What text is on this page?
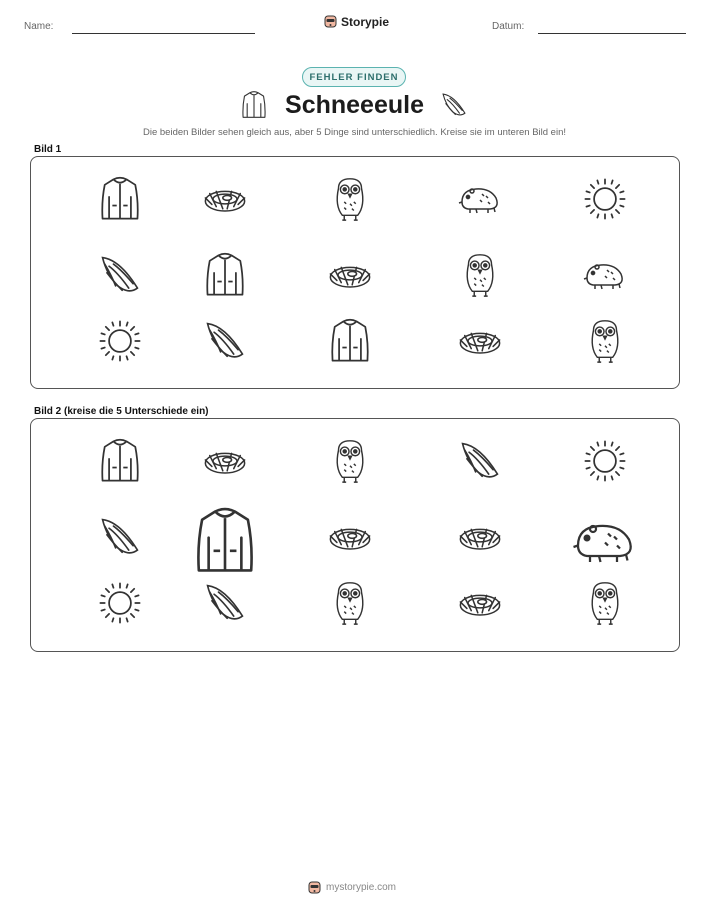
Name:	Storypie	Datum:
FEHLER FINDEN
Schneeeule
Die beiden Bilder sehen gleich aus, aber 5 Dinge sind unterschiedlich. Kreise sie im unteren Bild ein!
Bild 1
Bild 2 (kreise die 5 Unterschiede ein)
mystorypie.com
